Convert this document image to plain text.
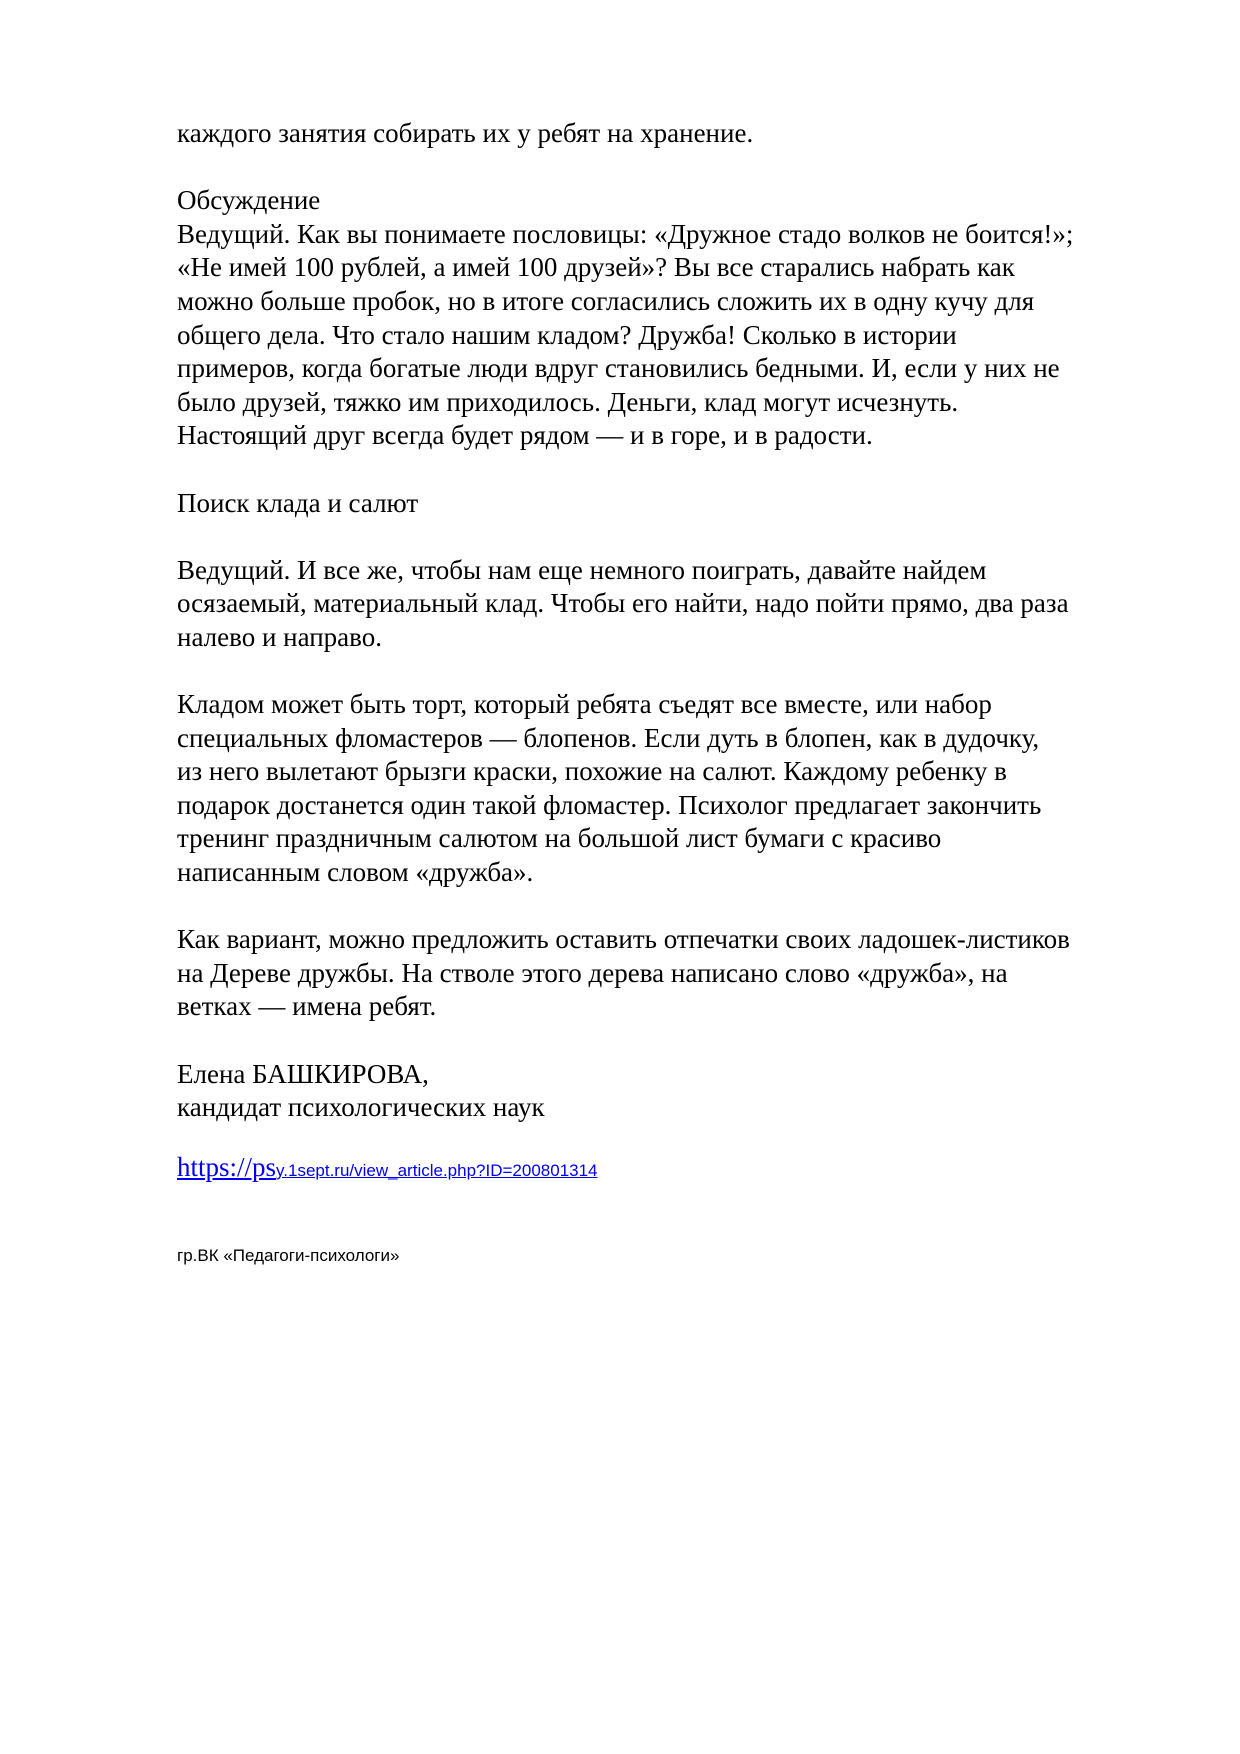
каждого занятия собирать их у ребят на хранение.

Обсуждение
Ведущий. Как вы понимаете пословицы: «Дружное стадо волков не боится!»;
«Не имей 100 рублей, а имей 100 друзей»? Вы все старались набрать как
можно больше пробок, но в итоге согласились сложить их в одну кучу для
общего дела. Что стало нашим кладом? Дружба! Сколько в истории
примеров, когда богатые люди вдруг становились бедными. И, если у них не
было друзей, тяжко им приходилось. Деньги, клад могут исчезнуть.
Настоящий друг всегда будет рядом — и в горе, и в радости.

Поиск клада и салют

Ведущий. И все же, чтобы нам еще немного поиграть, давайте найдем
осязаемый, материальный клад. Чтобы его найти, надо пойти прямо, два раза
налево и направо.

Кладом может быть торт, который ребята съедят все вместе, или набор
специальных фломастеров — блопенов. Если дуть в блопен, как в дудочку,
из него вылетают брызги краски, похожие на салют. Каждому ребенку в
подарок достанется один такой фломастер. Психолог предлагает закончить
тренинг праздничным салютом на большой лист бумаги с красиво
написанным словом «дружба».

Как вариант, можно предложить оставить отпечатки своих ладошек-листиков
на Дереве дружбы. На стволе этого дерева написано слово «дружба», на
ветках — имена ребят.

Елена БАШКИРОВА,
кандидат психологических наук

https://psy.1sept.ru/view_article.php?ID=200801314
гр.ВК «Педагоги-психологи»
